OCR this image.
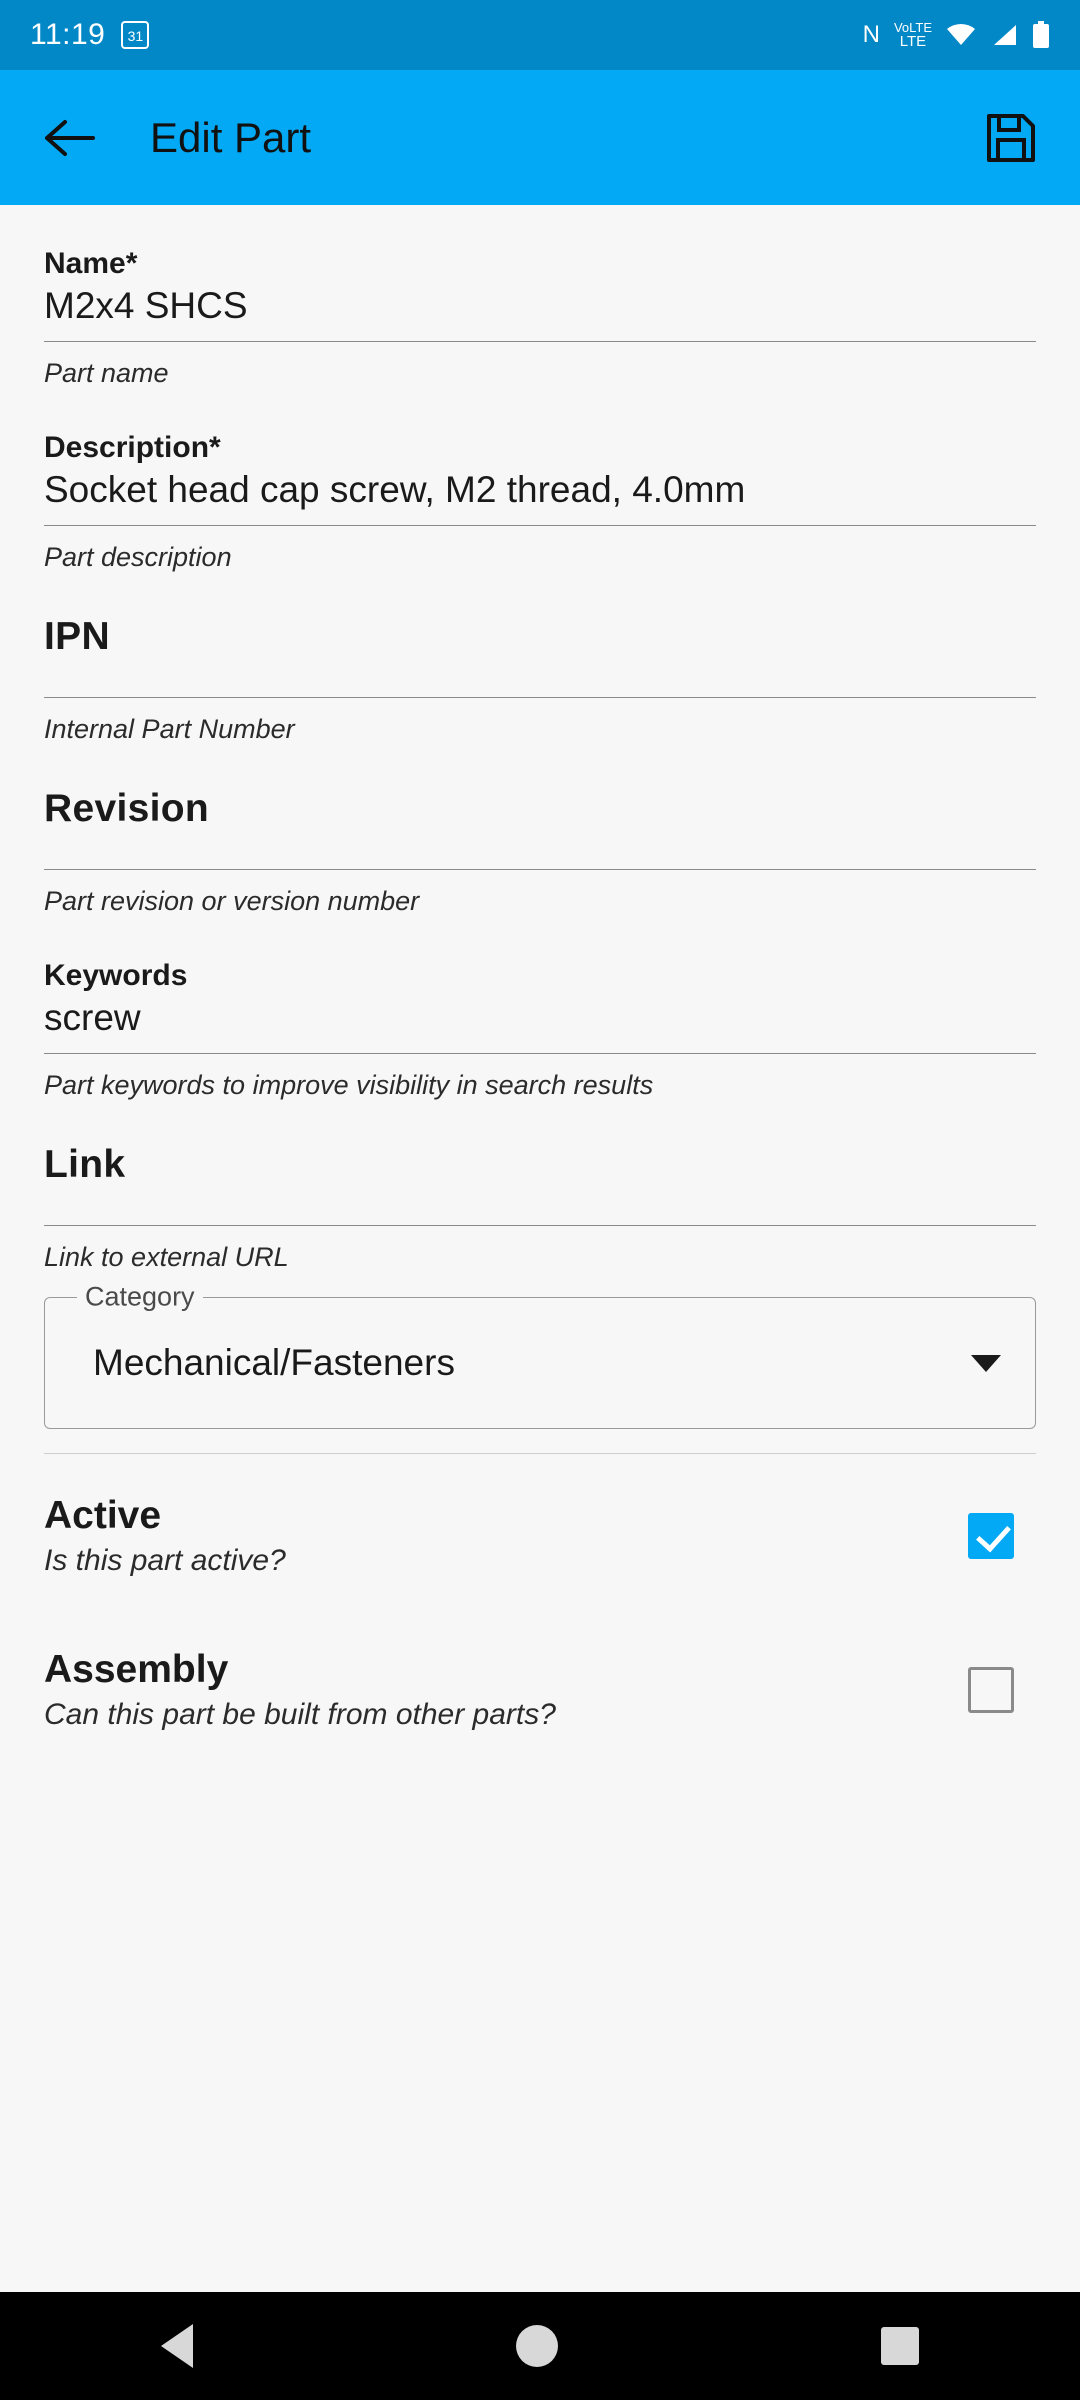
11:19	31	N VoLTE
LTE
Edit Part
Name*
M2x4 SHCS
Part name
Description*
Socket head cap screw, M2 thread, 4.0mm
Part description
IPN
Internal Part Number
Revision
Part revision or version number
Keywords
screw
Part keywords to improve visibility in search results
Link
Link to external URL
Category
Mechanical/Fasteners
Active
Is this part active?
Assembly
Can this part be built from other parts?
